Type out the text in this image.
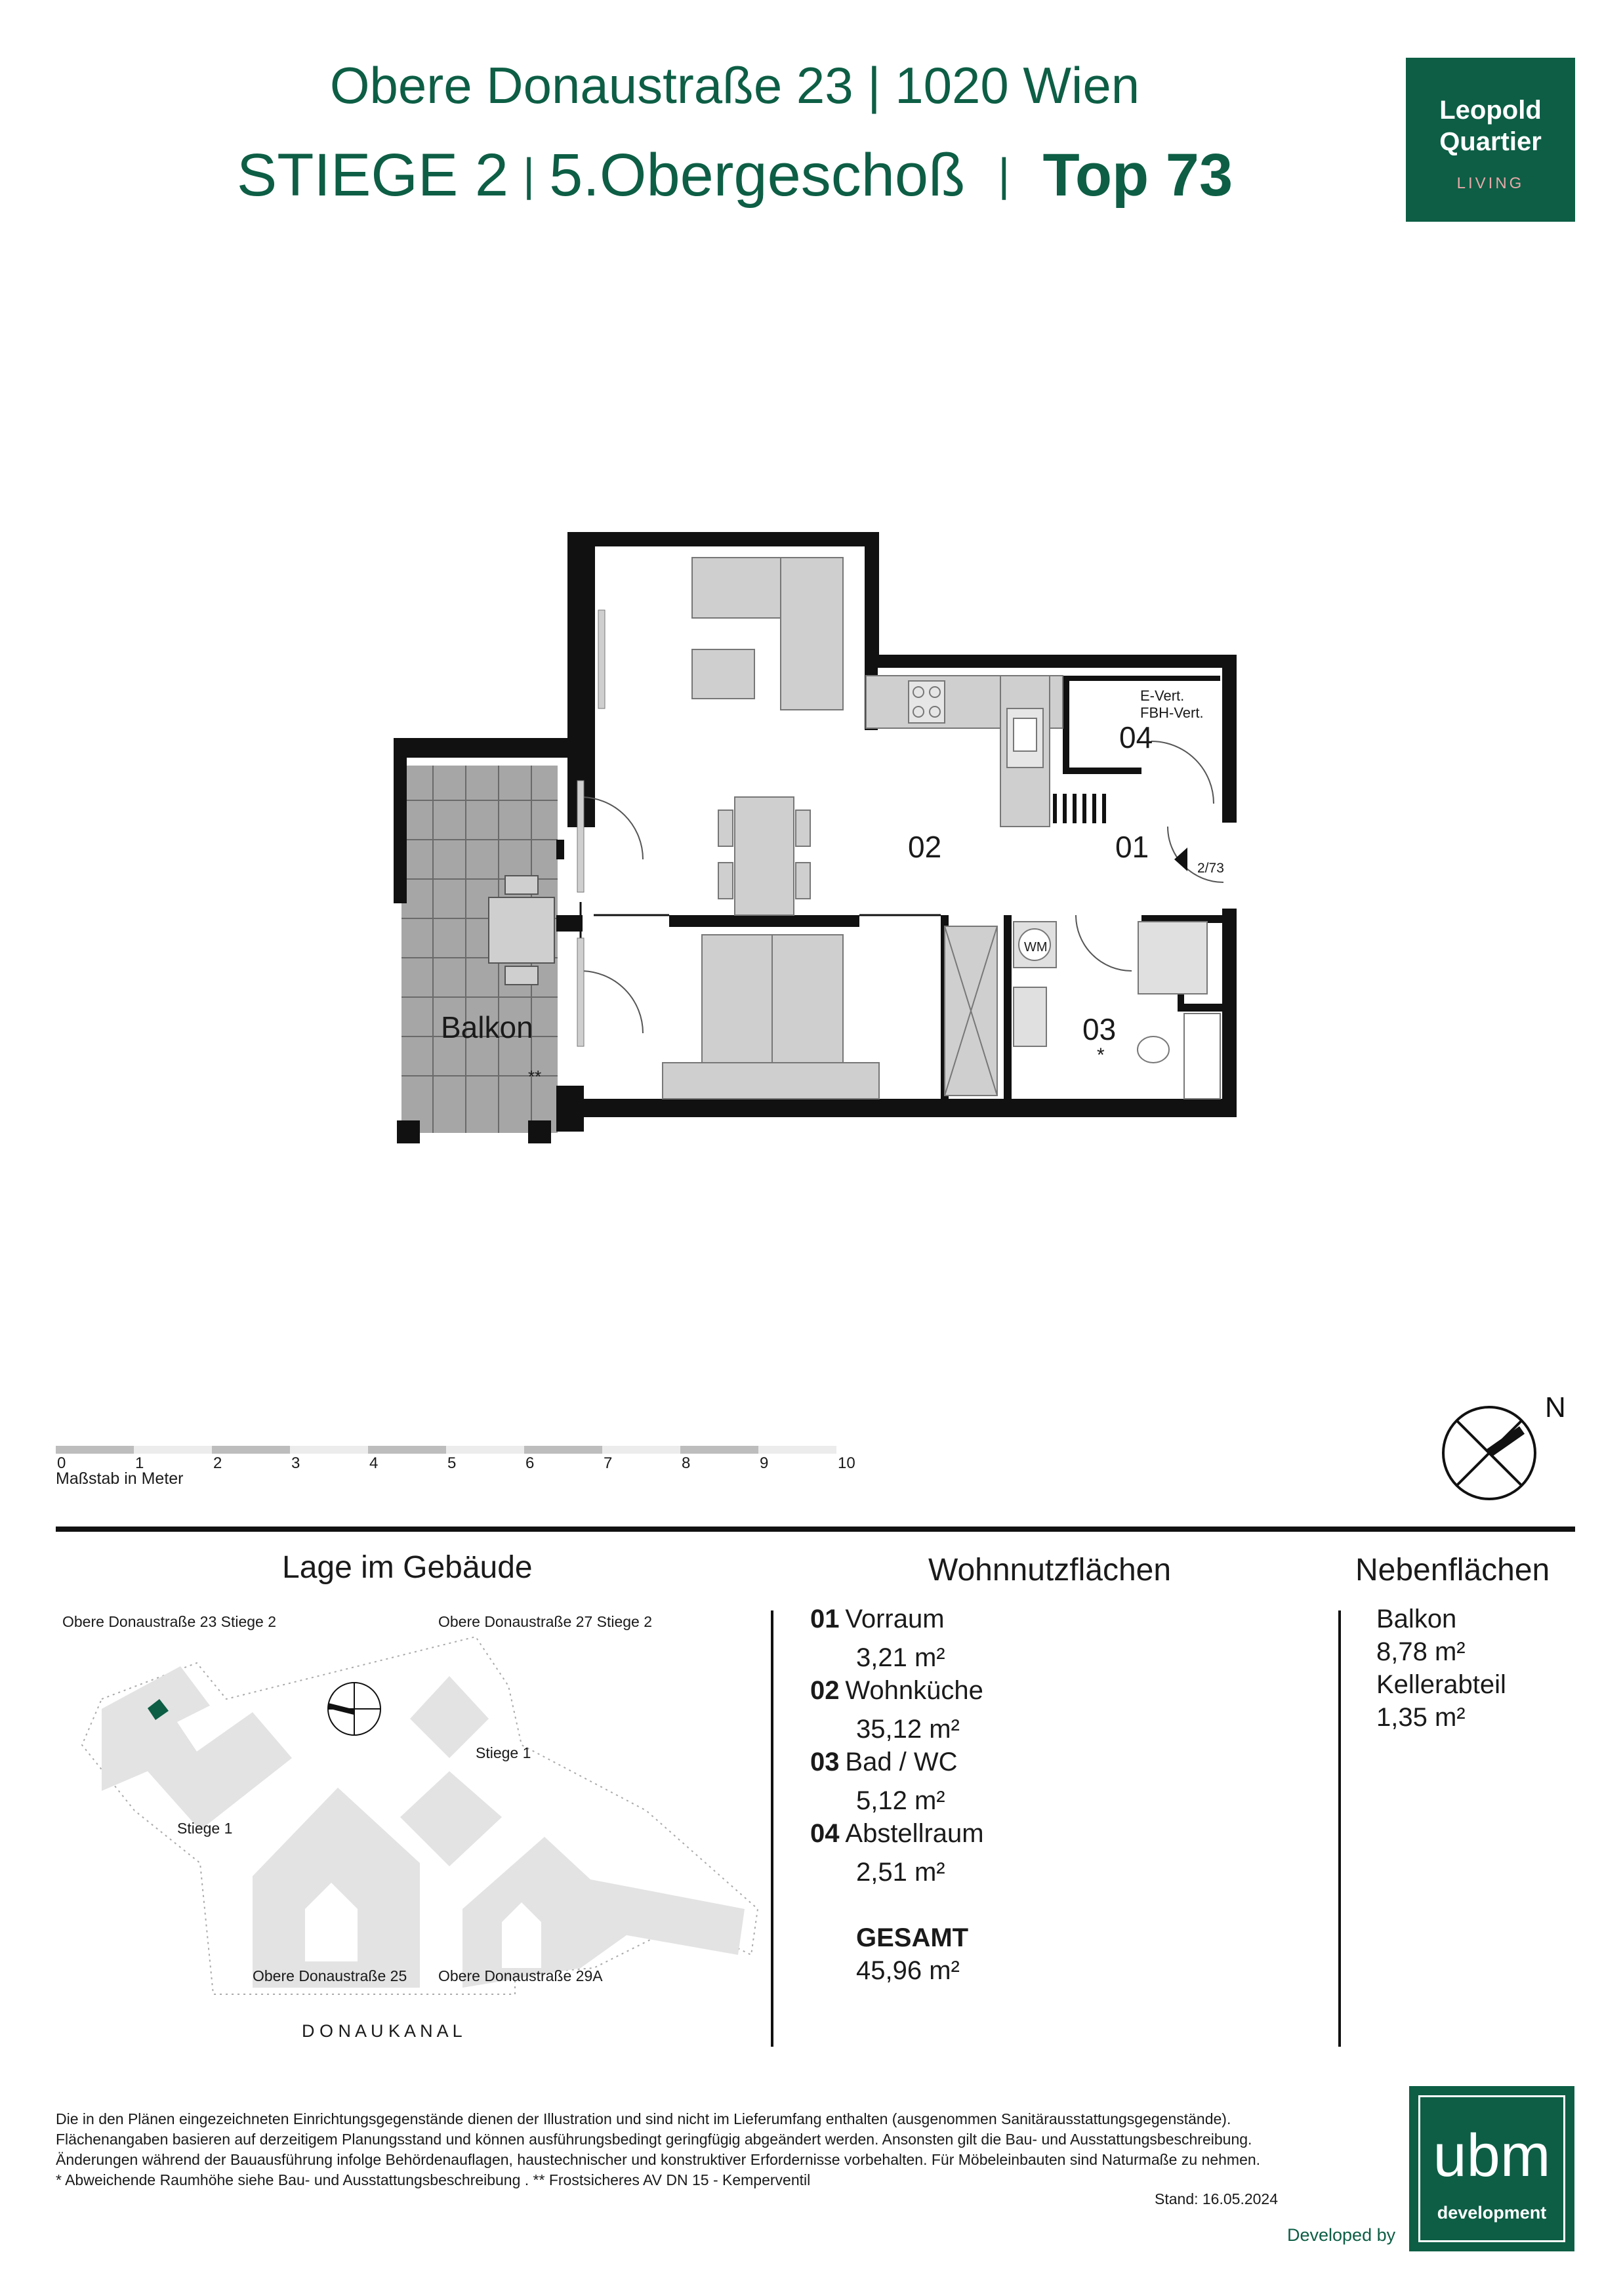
Obere Donaustraße 23 | 1020 Wien
STIEGE 2 | 5.Obergeschoß | Top 73
Leopold
Quartier
LIVING
02	01
03
04
E-Vert.
FBH-Vert.
Balkon
**
*
2/73
WM
0	1	2	3	4	5	6	7	8	9	10
Maßstab in Meter
N
Lage im Gebäude
Obere Donaustraße 23 Stiege 2	Obere Donaustraße 27 Stiege 2
Stiege 1
Stiege 1
Obere Donaustraße 25 Obere Donaustraße 29A
D O N A U K A N A L
Wohnnutzflächen
01 Vorraum
3,21 m²
02 Wohnküche
35,12 m²
03 Bad / WC
5,12 m²
04 Abstellraum
2,51 m²
GESAMT
45,96 m²
Nebenflächen
Balkon
8,78 m²
Kellerabteil
1,35 m²
Die in den Plänen eingezeichneten Einrichtungsgegenstände dienen der Illustration und sind nicht im Lieferumfang enthalten (ausgenommen Sanitärausstattungsgegenstände).
Flächenangaben basieren auf derzeitigem Planungsstand und können ausführungsbedingt geringfügig abgeändert werden. Ansonsten gilt die Bau- und Ausstattungsbeschreibung.
Änderungen während der Bauausführung infolge Behördenauflagen, haustechnischer und konstruktiver Erfordernisse vorbehalten. Für Möbeleinbauten sind Naturmaße zu nehmen.
* Abweichende Raumhöhe siehe Bau- und Ausstattungsbeschreibung . ** Frostsicheres AV DN 15 - Kemperventil
Stand: 16.05.2024
Developed by
ubm
development
